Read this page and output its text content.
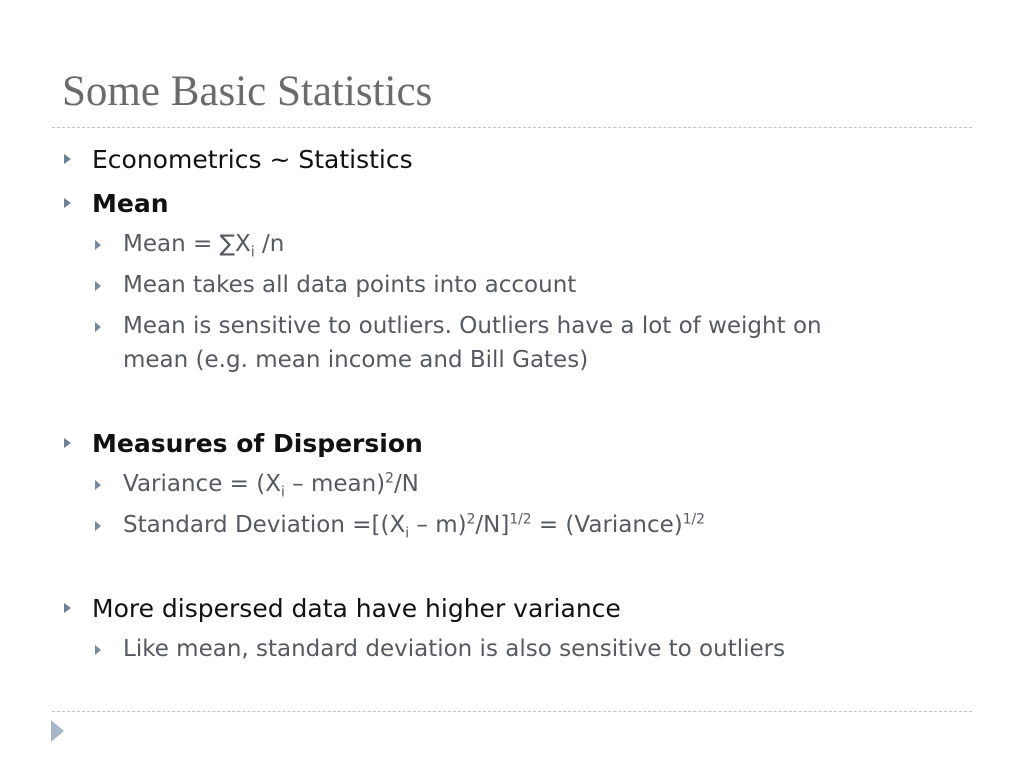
Some Basic Statistics
Econometrics ~ Statistics
Mean
Mean = $\sum X_i$ /n
Mean takes all data points into account
Mean is sensitive to outliers. Outliers have a lot of weight on
mean (e.g. mean income and Bill Gates)
Measures of Dispersion
Variance = ($X_i$ – mean)$^2$/N
Standard Deviation $=[(X_i - m)^2/N]^{1/2}$ = (Variance)$^{1/2}$
More dispersed data have higher variance
Like mean, standard deviation is also sensitive to outliers
